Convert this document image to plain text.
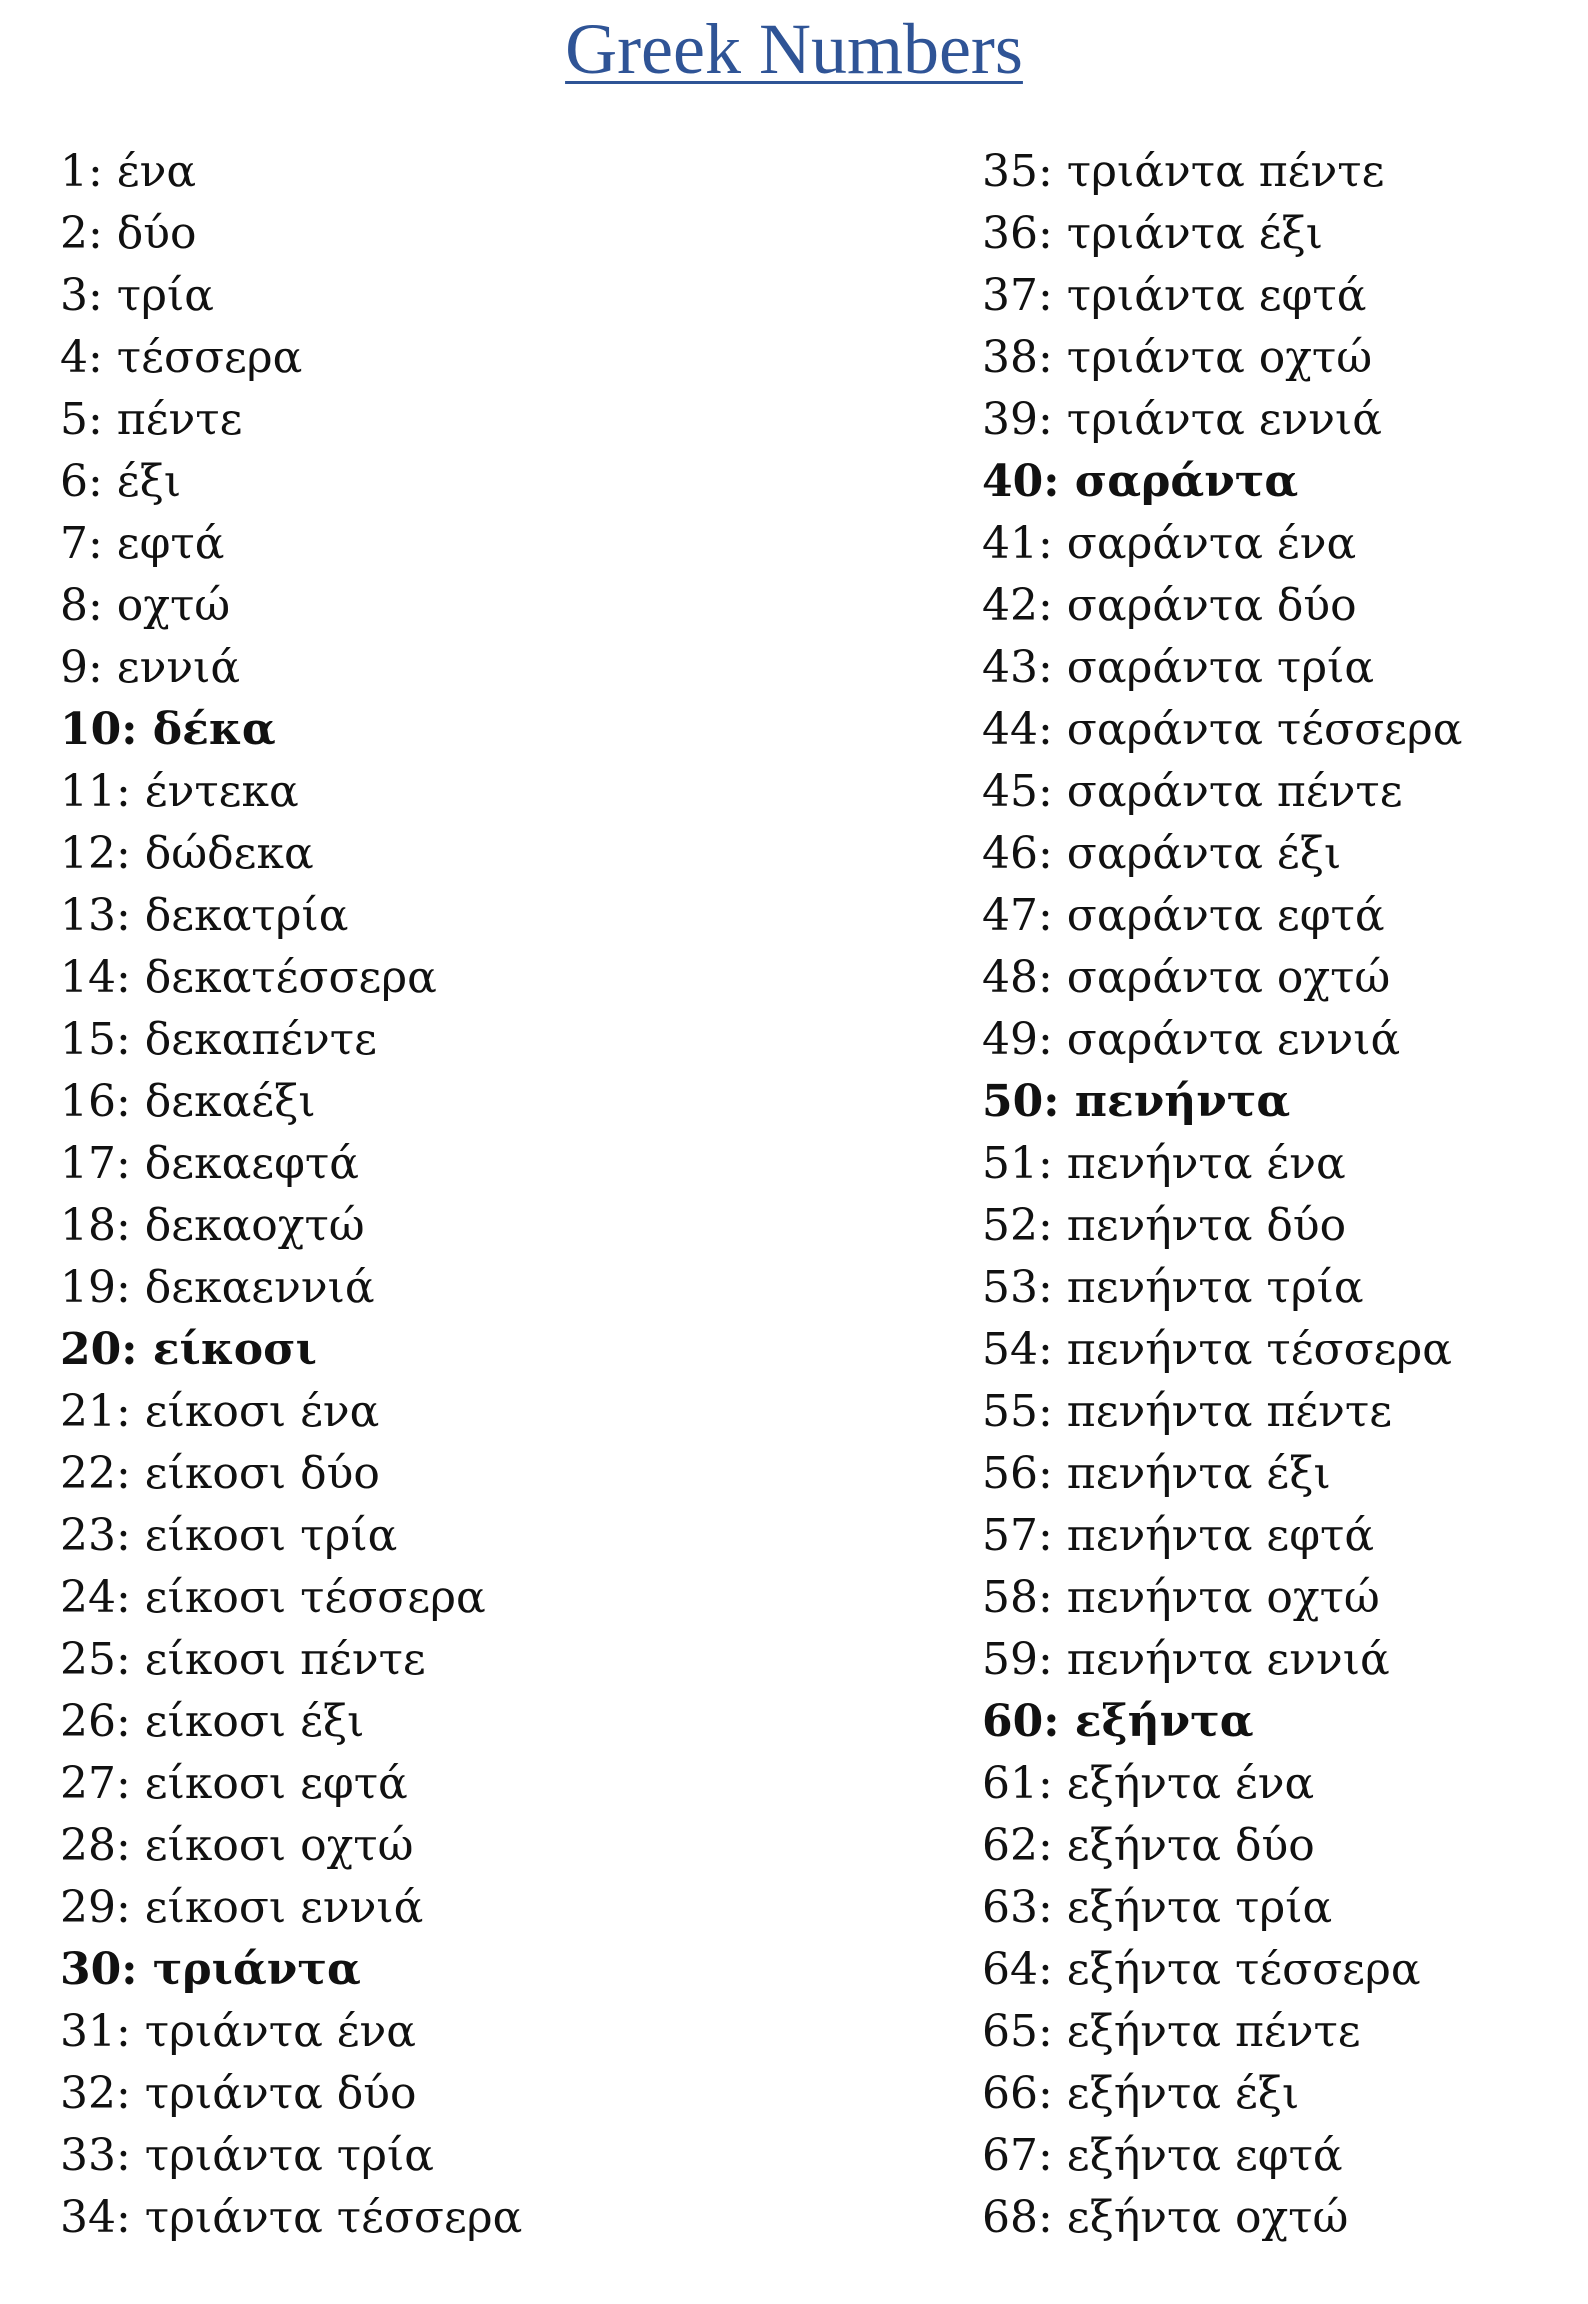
Greek Numbers
1: ένα
2: δύο
3: τρία
4: τέσσερα
5: πέντε
6: έξι
7: εφτά
8: οχτώ
9: εννιά
10: δέκα
11: έντεκα
12: δώδεκα
13: δεκατρία
14: δεκατέσσερα
15: δεκαπέντε
16: δεκαέξι
17: δεκαεφτά
18: δεκαοχτώ
19: δεκαεννιά
20: είκοσι
21: είκοσι ένα
22: είκοσι δύο
23: είκοσι τρία
24: είκοσι τέσσερα
25: είκοσι πέντε
26: είκοσι έξι
27: είκοσι εφτά
28: είκοσι οχτώ
29: είκοσι εννιά
30: τριάντα
31: τριάντα ένα
32: τριάντα δύο
33: τριάντα τρία
34: τριάντα τέσσερα
35: τριάντα πέντε
36: τριάντα έξι
37: τριάντα εφτά
38: τριάντα οχτώ
39: τριάντα εννιά
40: σαράντα
41: σαράντα ένα
42: σαράντα δύο
43: σαράντα τρία
44: σαράντα τέσσερα
45: σαράντα πέντε
46: σαράντα έξι
47: σαράντα εφτά
48: σαράντα οχτώ
49: σαράντα εννιά
50: πενήντα
51: πενήντα ένα
52: πενήντα δύο
53: πενήντα τρία
54: πενήντα τέσσερα
55: πενήντα πέντε
56: πενήντα έξι
57: πενήντα εφτά
58: πενήντα οχτώ
59: πενήντα εννιά
60: εξήντα
61: εξήντα ένα
62: εξήντα δύο
63: εξήντα τρία
64: εξήντα τέσσερα
65: εξήντα πέντε
66: εξήντα έξι
67: εξήντα εφτά
68: εξήντα οχτώ
